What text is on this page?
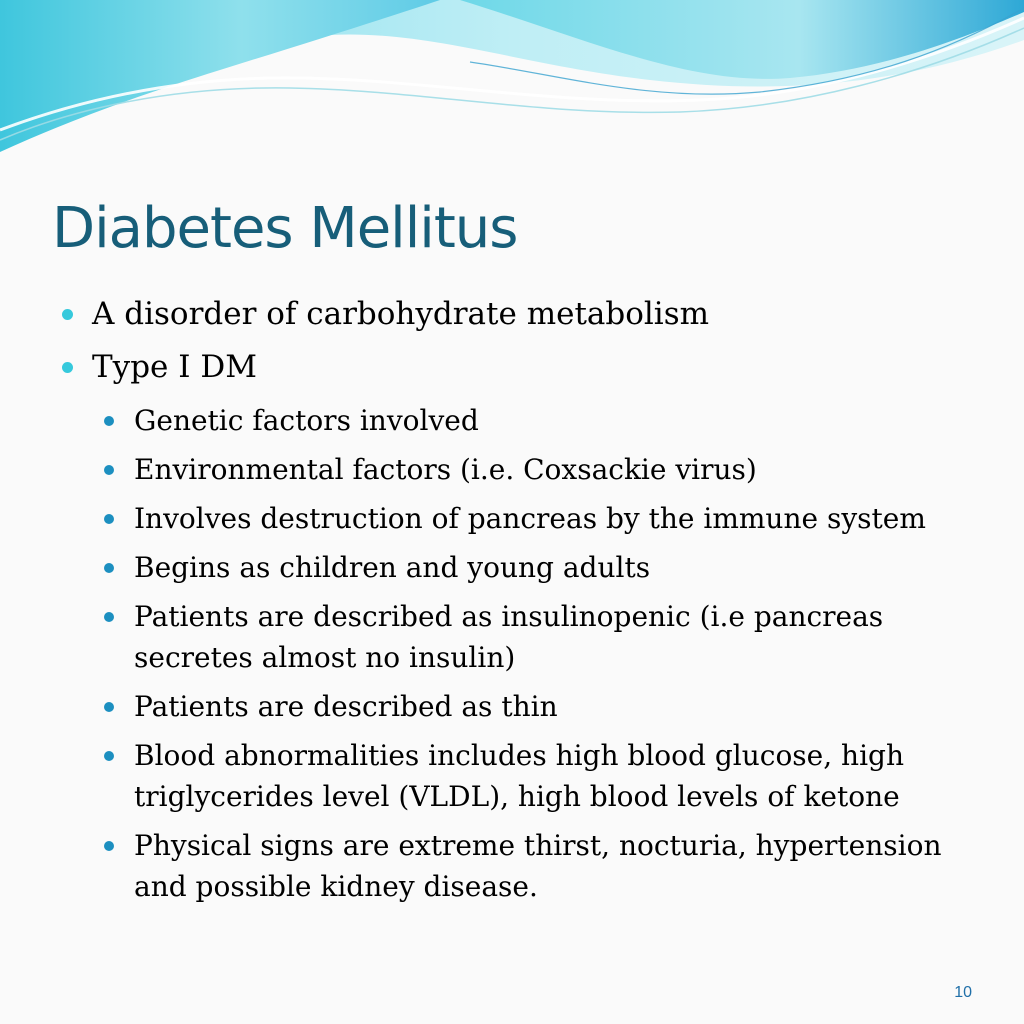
Diabetes Mellitus
A disorder of carbohydrate metabolism
Type I DM
Genetic factors involved
Environmental factors (i.e. Coxsackie virus)
Involves destruction of pancreas by the immune system
Begins as children and young adults
Patients are described as insulinopenic (i.e pancreas secretes almost no insulin)
Patients are described as thin
Blood abnormalities includes high blood glucose, high triglycerides level (VLDL), high blood levels of ketone
Physical signs are extreme thirst, nocturia, hypertension and possible kidney disease.
10
